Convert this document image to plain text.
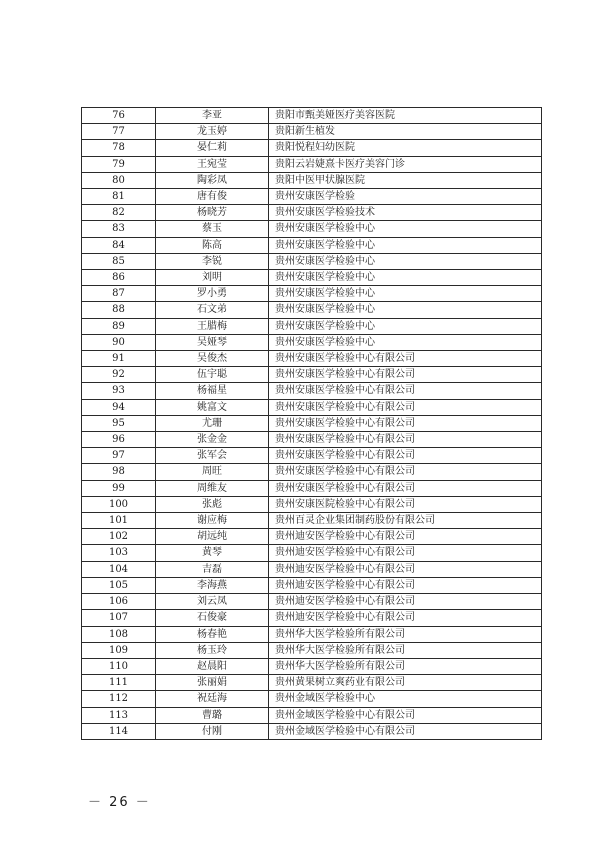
76	李亚	贵阳市甄美娅医疗美容医院
77	龙玉婷	贵阳新生植发
78	晏仁莉	贵阳悦程妇幼医院
79	王宛莹	贵阳云岩婕熹卡医疗美容门诊
80	陶彩凤	贵阳中医甲状腺医院
81	唐有俊	贵州安康医学检验
82	杨晓芳	贵州安康医学检验技术
83	蔡玉	贵州安康医学检验中心
84	陈高	贵州安康医学检验中心
85	李锐	贵州安康医学检验中心
86	刘明	贵州安康医学检验中心
87	罗小勇	贵州安康医学检验中心
88	石文弟	贵州安康医学检验中心
89	王腊梅	贵州安康医学检验中心
90	吴娅琴	贵州安康医学检验中心
91	吴俊杰	贵州安康医学检验中心有限公司
92	伍宇聪	贵州安康医学检验中心有限公司
93	杨福星	贵州安康医学检验中心有限公司
94	姚富文	贵州安康医学检验中心有限公司
95	尤珊	贵州安康医学检验中心有限公司
96	张金金	贵州安康医学检验中心有限公司
97	张军会	贵州安康医学检验中心有限公司
98	周旺	贵州安康医学检验中心有限公司
99	周维友	贵州安康医学检验中心有限公司
100	张彪	贵州安康医院检验中心有限公司
101	谢应梅	贵州百灵企业集团制药股份有限公司
102	胡远纯	贵州迪安医学检验中心有限公司
103	黄琴	贵州迪安医学检验中心有限公司
104	吉磊	贵州迪安医学检验中心有限公司
105	李海燕	贵州迪安医学检验中心有限公司
106	刘云凤	贵州迪安医学检验中心有限公司
107	石俊豪	贵州迪安医学检验中心有限公司
108	杨春艳	贵州华大医学检验所有限公司
109	杨玉玲	贵州华大医学检验所有限公司
110	赵晨阳	贵州华大医学检验所有限公司
111	张丽娟	贵州黄果树立爽药业有限公司
112	祝廷海	贵州金域医学检验中心
113	曹璐	贵州金域医学检验中心有限公司
114	付刚	贵州金域医学检验中心有限公司
－ 26 －
